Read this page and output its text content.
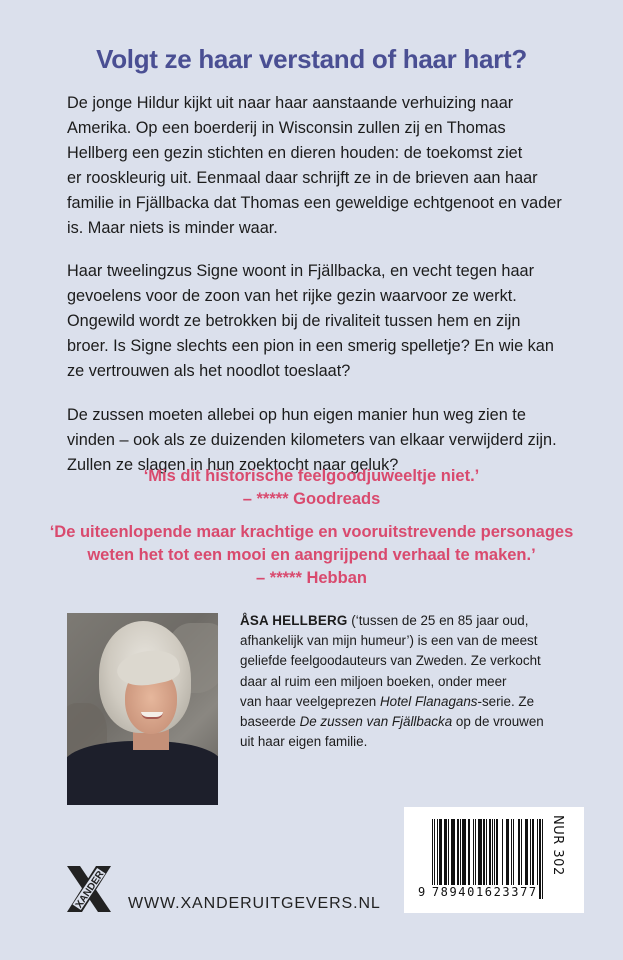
Volgt ze haar verstand of haar hart?
De jonge Hildur kijkt uit naar haar aanstaande verhuizing naar
Amerika. Op een boerderij in Wisconsin zullen zij en Thomas
Hellberg een gezin stichten en dieren houden: de toekomst ziet
er rooskleurig uit. Eenmaal daar schrijft ze in de brieven aan haar
familie in Fjällbacka dat Thomas een geweldige echtgenoot en vader
is. Maar niets is minder waar.
Haar tweelingzus Signe woont in Fjällbacka, en vecht tegen haar
gevoelens voor de zoon van het rijke gezin waarvoor ze werkt.
Ongewild wordt ze betrokken bij de rivaliteit tussen hem en zijn
broer. Is Signe slechts een pion in een smerig spelletje? En wie kan
ze vertrouwen als het noodlot toeslaat?
De zussen moeten allebei op hun eigen manier hun weg zien te
vinden – ook als ze duizenden kilometers van elkaar verwijderd zijn.
Zullen ze slagen in hun zoektocht naar geluk?
‘Mis dit historische feelgoodjuweeltje niet.’
– ***** Goodreads
‘De uiteenlopende maar krachtige en vooruitstrevende personages
weten het tot een mooi en aangrijpend verhaal te maken.’
– ***** Hebban
ÅSA HELLBERG (‘tussen de 25 en 85 jaar oud,
afhankelijk van mijn humeur’) is een van de meest
geliefde feelgoodauteurs van Zweden. Ze verkocht
daar al ruim een miljoen boeken, onder meer
van haar veelgeprezen Hotel Flanagans-serie. Ze
baseerde De zussen van Fjällbacka op de vrouwen
uit haar eigen familie.
9 789401623377
NUR 302
XANDER WWW.XANDERUITGEVERS.NL
